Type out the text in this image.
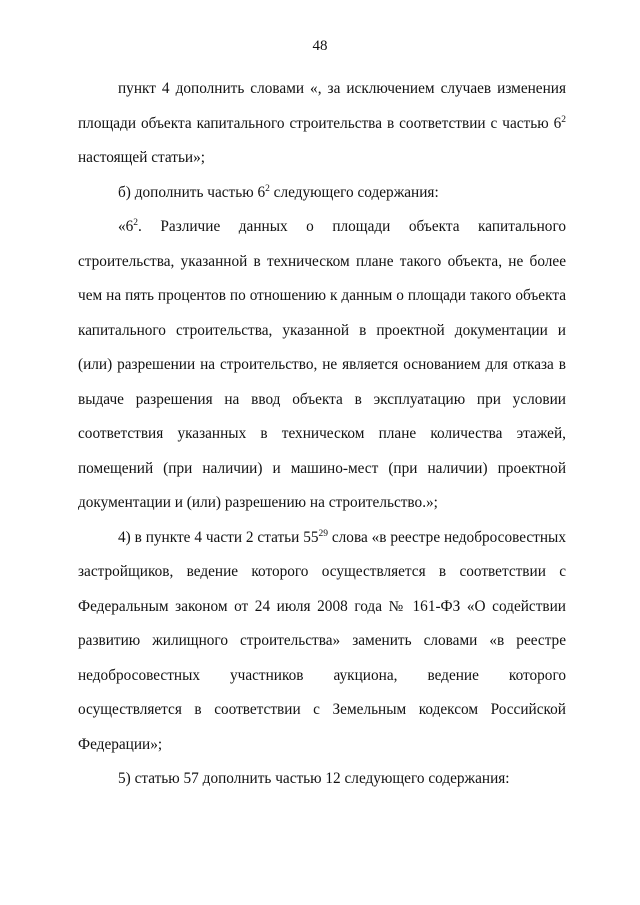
48

пункт 4 дополнить словами «, за исключением случаев изменения площади объекта капитального строительства в соответствии с частью $6^2$ настоящей статьи»;

б) дополнить частью $6^2$ следующего содержания:

«$6^2$. Различие данных о площади объекта капитального строительства, указанной в техническом плане такого объекта, не более чем на пять процентов по отношению к данным о площади такого объекта капитального строительства, указанной в проектной документации и (или) разрешении на строительство, не является основанием для отказа в выдаче разрешения на ввод объекта в эксплуатацию при условии соответствия указанных в техническом плане количества этажей, помещений (при наличии) и машино-мест (при наличии) проектной документации и (или) разрешению на строительство.»;

4) в пункте 4 части 2 статьи $55^{29}$ слова «в реестре недобросовестных застройщиков, ведение которого осуществляется в соответствии с Федеральным законом от 24 июля 2008 года № 161-ФЗ «О содействии развитию жилищного строительства» заменить словами «в реестре недобросовестных участников аукциона, ведение которого осуществляется в соответствии с Земельным кодексом Российской Федерации»;

5) статью 57 дополнить частью 12 следующего содержания:
